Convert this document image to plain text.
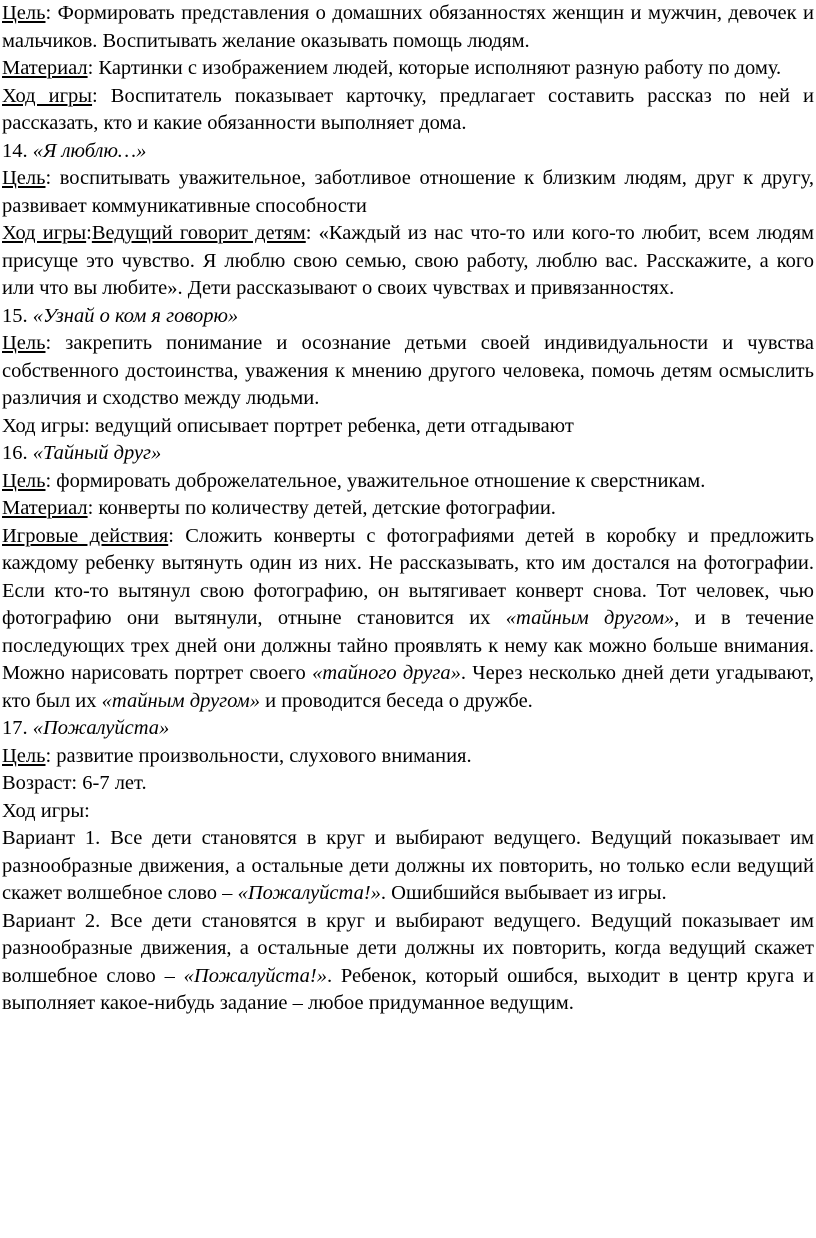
Цель: Формировать представления о домашних обязанностях женщин и мужчин, девочек и мальчиков. Воспитывать желание оказывать помощь людям.

Материал: Картинки с изображением людей, которые исполняют разную работу по дому.

Ход игры: Воспитатель показывает карточку, предлагает составить рассказ по ней и рассказать, кто и какие обязанности выполняет дома.

14. «Я люблю…»

Цель: воспитывать уважительное, заботливое отношение к близким людям, друг к другу, развивает коммуникативные способности

Ход игры:Ведущий говорит детям: «Каждый из нас что-то или кого-то любит, всем людям присуще это чувство. Я люблю свою семью, свою работу, люблю вас. Расскажите, а кого или что вы любите». Дети рассказывают о своих чувствах и привязанностях.

15. «Узнай о ком я говорю»

Цель: закрепить понимание и осознание детьми своей индивидуальности и чувства собственного достоинства, уважения к мнению другого человека, помочь детям осмыслить различия и сходство между людьми.

Ход игры: ведущий описывает портрет ребенка, дети отгадывают

16. «Тайный друг»

Цель: формировать доброжелательное, уважительное отношение к сверстникам.

Материал: конверты по количеству детей, детские фотографии.

Игровые действия: Сложить конверты с фотографиями детей в коробку и предложить каждому ребенку вытянуть один из них. Не рассказывать, кто им достался на фотографии. Если кто-то вытянул свою фотографию, он вытягивает конверт снова. Тот человек, чью фотографию они вытянули, отныне становится их «тайным другом», и в течение последующих трех дней они должны тайно проявлять к нему как можно больше внимания. Можно нарисовать портрет своего «тайного друга». Через несколько дней дети угадывают, кто был их «тайным другом» и проводится беседа о дружбе.

17. «Пожалуйста»

Цель: развитие произвольности, слухового внимания.

Возраст: 6-7 лет.

Ход игры:

Вариант 1. Все дети становятся в круг и выбирают ведущего. Ведущий показывает им разнообразные движения, а остальные дети должны их повторить, но только если ведущий скажет волшебное слово – «Пожалуйста!». Ошибшийся выбывает из игры.

Вариант 2. Все дети становятся в круг и выбирают ведущего. Ведущий показывает им разнообразные движения, а остальные дети должны их повторить, когда ведущий скажет волшебное слово – «Пожалуйста!». Ребенок, который ошибся, выходит в центр круга и выполняет какое-нибудь задание – любое придуманное ведущим.
